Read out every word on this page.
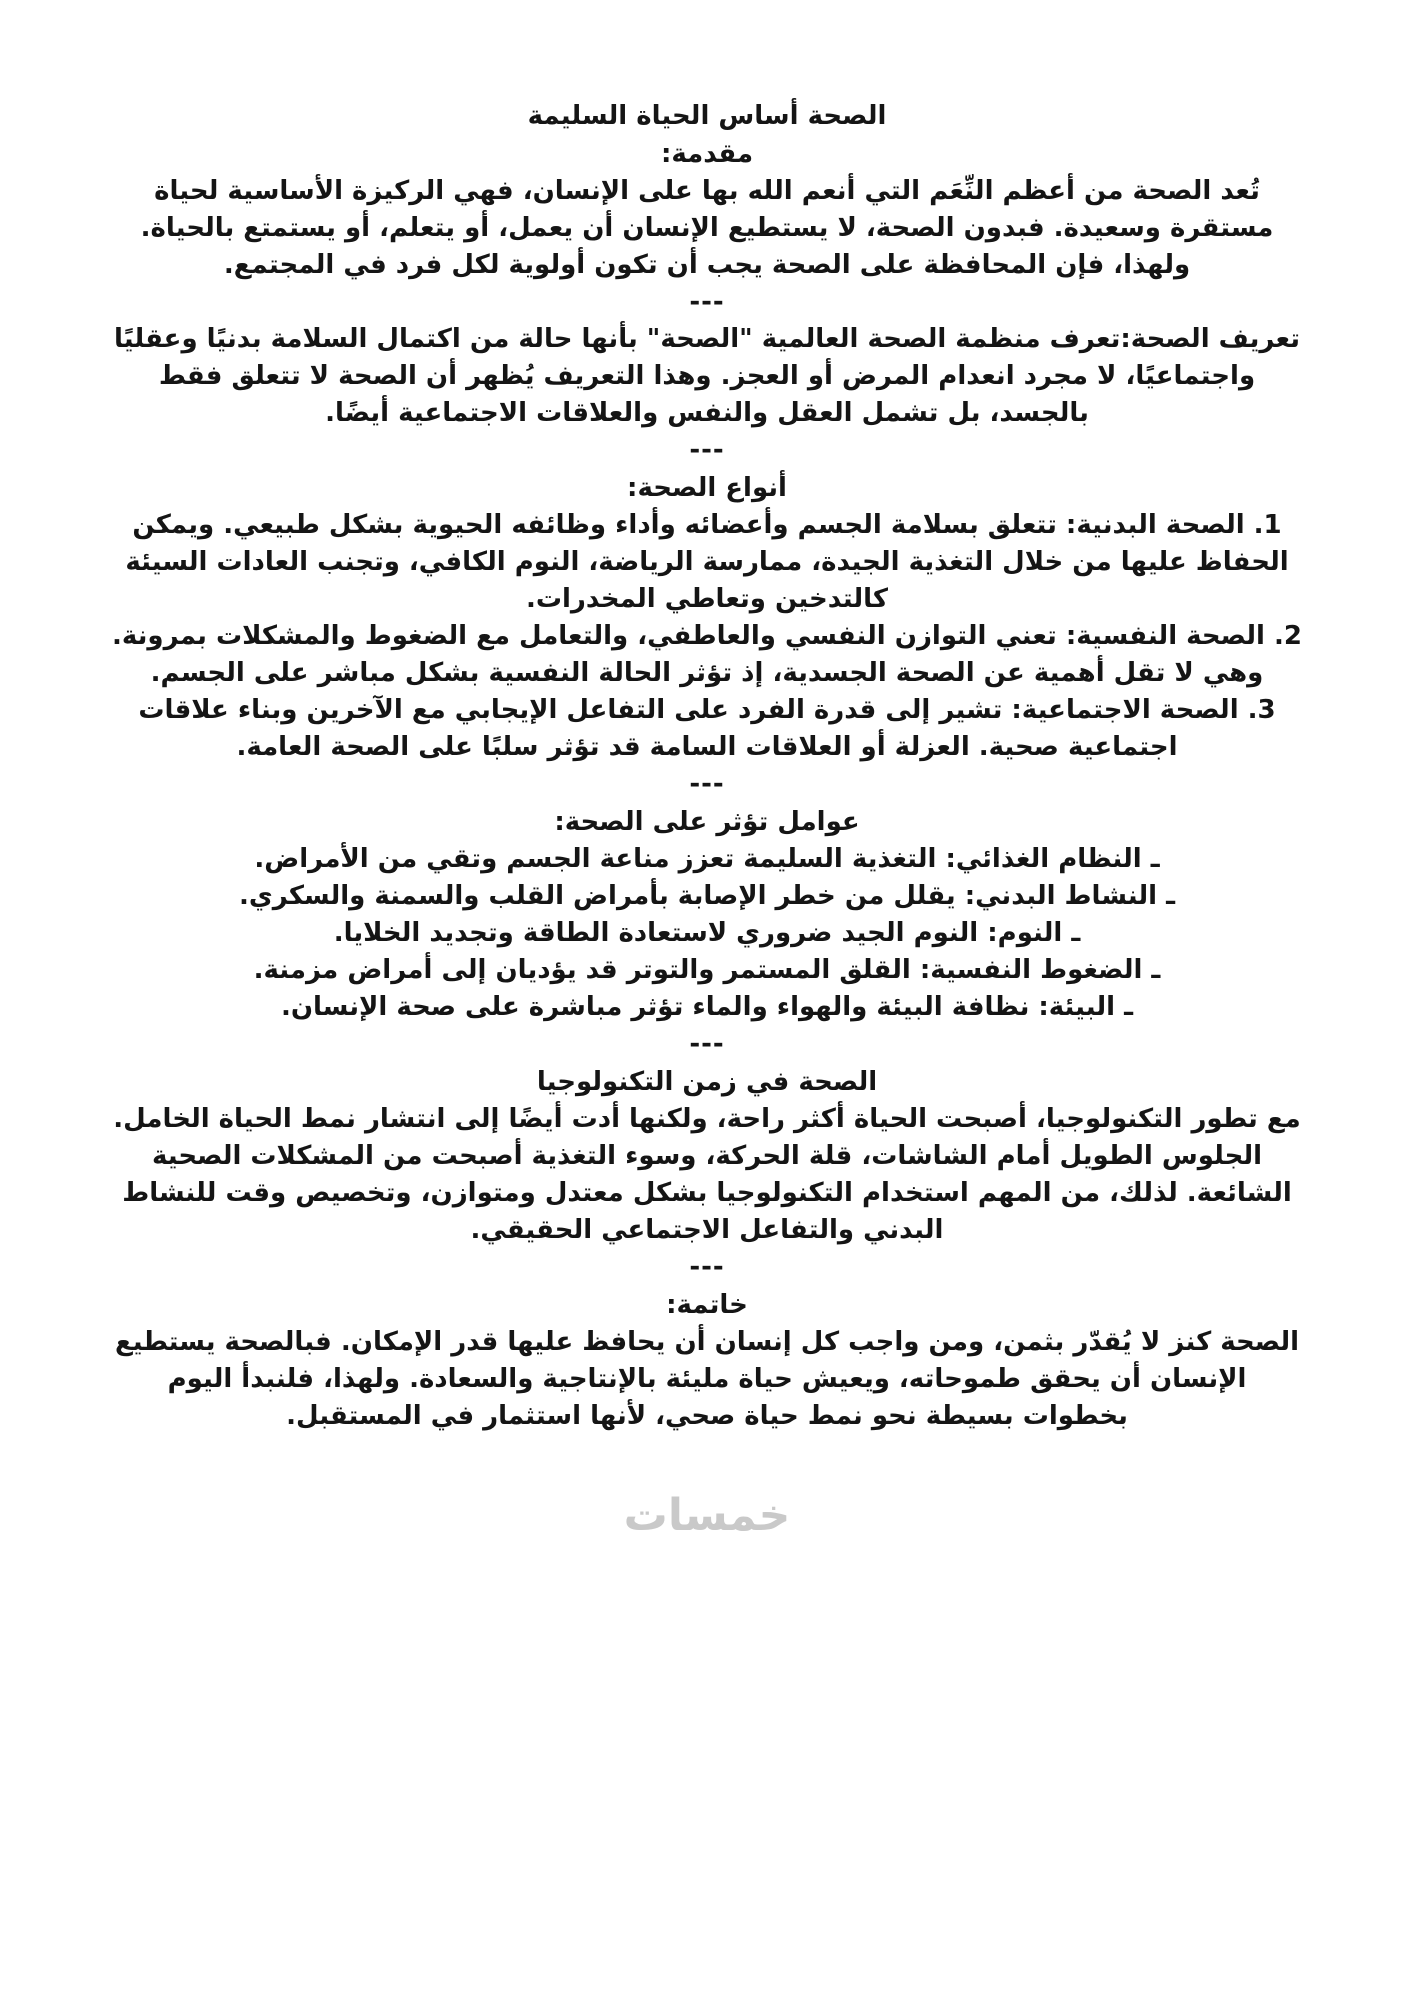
الصحة أساس الحياة السليمة

مقدمة:

تُعد الصحة من أعظم النِّعَم التي أنعم الله بها على الإنسان، فهي الركيزة الأساسية لحياة مستقرة وسعيدة. فبدون الصحة، لا يستطيع الإنسان أن يعمل، أو يتعلم، أو يستمتع بالحياة. ولهذا، فإن المحافظة على الصحة يجب أن تكون أولوية لكل فرد في المجتمع.

---

تعريف الصحة:تعرف منظمة الصحة العالمية "الصحة" بأنها حالة من اكتمال السلامة بدنيًا وعقليًا واجتماعيًا، لا مجرد انعدام المرض أو العجز. وهذا التعريف يُظهر أن الصحة لا تتعلق فقط بالجسد، بل تشمل العقل والنفس والعلاقات الاجتماعية أيضًا.

---

أنواع الصحة:

1. الصحة البدنية: تتعلق بسلامة الجسم وأعضائه وأداء وظائفه الحيوية بشكل طبيعي. ويمكن الحفاظ عليها من خلال التغذية الجيدة، ممارسة الرياضة، النوم الكافي، وتجنب العادات السيئة كالتدخين وتعاطي المخدرات.

2. الصحة النفسية: تعني التوازن النفسي والعاطفي، والتعامل مع الضغوط والمشكلات بمرونة. وهي لا تقل أهمية عن الصحة الجسدية، إذ تؤثر الحالة النفسية بشكل مباشر على الجسم.

3. الصحة الاجتماعية: تشير إلى قدرة الفرد على التفاعل الإيجابي مع الآخرين وبناء علاقات اجتماعية صحية. العزلة أو العلاقات السامة قد تؤثر سلبًا على الصحة العامة.

---

عوامل تؤثر على الصحة:

ـ النظام الغذائي: التغذية السليمة تعزز مناعة الجسم وتقي من الأمراض.

ـ النشاط البدني: يقلل من خطر الإصابة بأمراض القلب والسمنة والسكري.

ـ النوم: النوم الجيد ضروري لاستعادة الطاقة وتجديد الخلايا.

ـ الضغوط النفسية: القلق المستمر والتوتر قد يؤديان إلى أمراض مزمنة.

ـ البيئة: نظافة البيئة والهواء والماء تؤثر مباشرة على صحة الإنسان.

---

الصحة في زمن التكنولوجيا

مع تطور التكنولوجيا، أصبحت الحياة أكثر راحة، ولكنها أدت أيضًا إلى انتشار نمط الحياة الخامل. الجلوس الطويل أمام الشاشات، قلة الحركة، وسوء التغذية أصبحت من المشكلات الصحية الشائعة. لذلك، من المهم استخدام التكنولوجيا بشكل معتدل ومتوازن، وتخصيص وقت للنشاط البدني والتفاعل الاجتماعي الحقيقي.

---

خاتمة:

الصحة كنز لا يُقدّر بثمن، ومن واجب كل إنسان أن يحافظ عليها قدر الإمكان. فبالصحة يستطيع الإنسان أن يحقق طموحاته، ويعيش حياة مليئة بالإنتاجية والسعادة. ولهذا، فلنبدأ اليوم بخطوات بسيطة نحو نمط حياة صحي، لأنها استثمار في المستقبل.

خمسات
